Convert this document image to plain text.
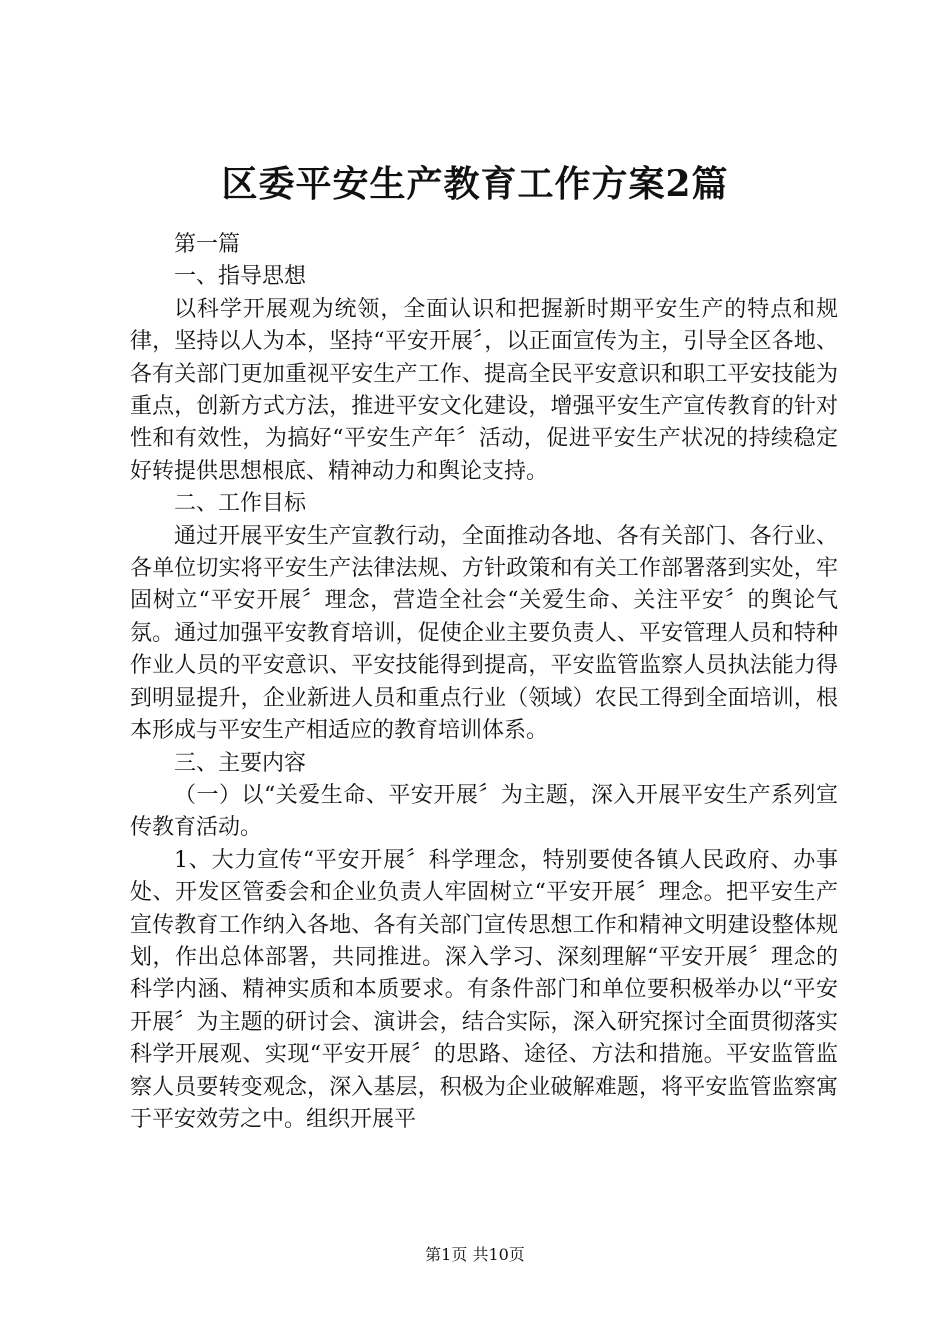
区委平安生产教育工作方案2篇

第一篇

一、指导思想

以科学开展观为统领，全面认识和把握新时期平安生产的特点和规律，坚持以人为本，坚持“平安开展〞，以正面宣传为主，引导全区各地、各有关部门更加重视平安生产工作、提高全民平安意识和职工平安技能为重点，创新方式方法，推进平安文化建设，增强平安生产宣传教育的针对性和有效性，为搞好“平安生产年〞活动，促进平安生产状况的持续稳定好转提供思想根底、精神动力和舆论支持。

二、工作目标

通过开展平安生产宣教行动，全面推动各地、各有关部门、各行业、各单位切实将平安生产法律法规、方针政策和有关工作部署落到实处，牢固树立“平安开展〞理念，营造全社会“关爱生命、关注平安〞的舆论气氛。通过加强平安教育培训，促使企业主要负责人、平安管理人员和特种作业人员的平安意识、平安技能得到提高，平安监管监察人员执法能力得到明显提升，企业新进人员和重点行业（领域）农民工得到全面培训，根本形成与平安生产相适应的教育培训体系。

三、主要内容

（一）以“关爱生命、平安开展〞为主题，深入开展平安生产系列宣传教育活动。

1、大力宣传“平安开展〞科学理念，特别要使各镇人民政府、办事处、开发区管委会和企业负责人牢固树立“平安开展〞理念。把平安生产宣传教育工作纳入各地、各有关部门宣传思想工作和精神文明建设整体规划，作出总体部署，共同推进。深入学习、深刻理解“平安开展〞理念的科学内涵、精神实质和本质要求。有条件部门和单位要积极举办以“平安开展〞为主题的研讨会、演讲会，结合实际，深入研究探讨全面贯彻落实科学开展观、实现“平安开展〞的思路、途径、方法和措施。平安监管监察人员要转变观念，深入基层，积极为企业破解难题，将平安监管监察寓于平安效劳之中。组织开展平

第1页 共10页
